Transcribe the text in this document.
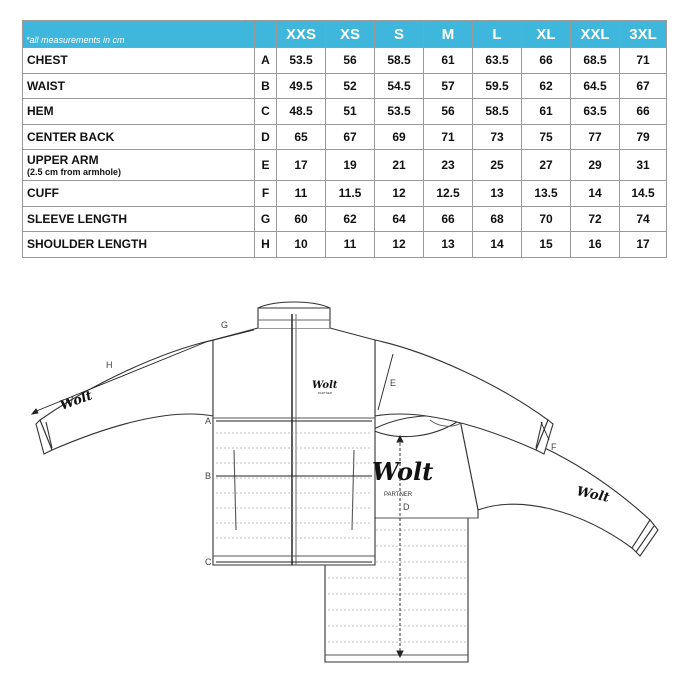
*all measurements in cm		XXS	XS	S	M	L	XL	XXL	3XL
CHEST	A	53.5	56	58.5	61	63.5	66	68.5	71
WAIST	B	49.5	52	54.5	57	59.5	62	64.5	67
HEM	C	48.5	51	53.5	56	58.5	61	63.5	66
CENTER BACK	D	65	67	69	71	73	75	77	79
UPPER ARM
(2.5 cm from armhole)	E	17	19	21	23	25	27	29	31
CUFF	F	11	11.5	12	12.5	13	13.5	14	14.5
SLEEVE LENGTH	G	60	62	64	66	68	70	72	74
SHOULDER LENGTH	H	10	11	12	13	14	15	16	17
Wolt
PARTNER
Wolt
PARTNER
Wolt
Wolt
A
B
C
D
E
F
G
H
